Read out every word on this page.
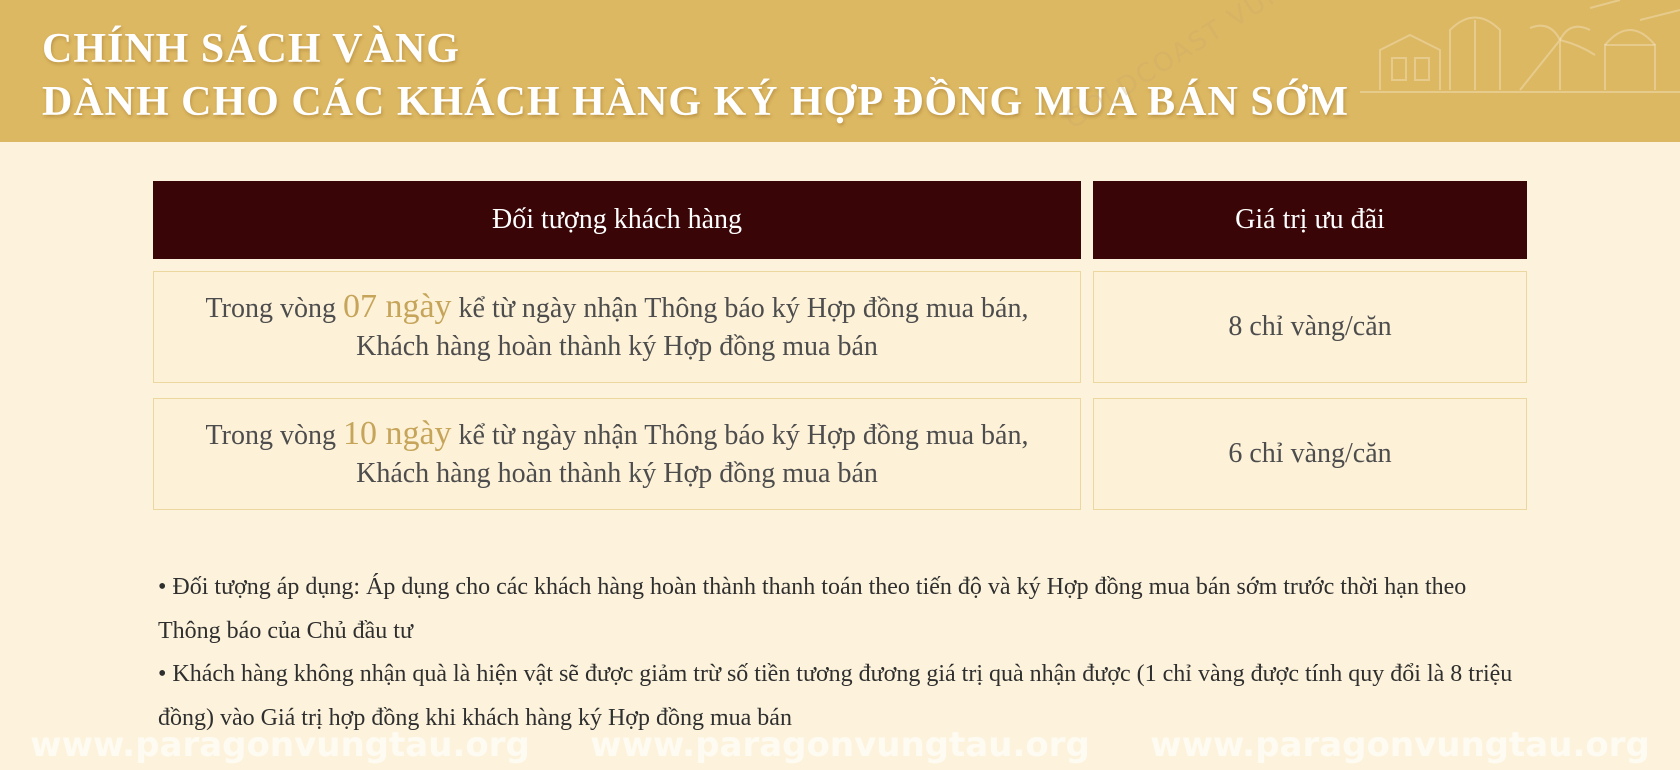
CHÍNH SÁCH VÀNG
DÀNH CHO CÁC KHÁCH HÀNG KÝ HỢP ĐỒNG MUA BÁN SỚM
Đối tượng khách hàng	Giá trị ưu đãi
Trong vòng 07 ngày kể từ ngày nhận Thông báo ký Hợp đồng mua bán,
Khách hàng hoàn thành ký Hợp đồng mua bán
8 chỉ vàng/căn
Trong vòng 10 ngày kể từ ngày nhận Thông báo ký Hợp đồng mua bán,
Khách hàng hoàn thành ký Hợp đồng mua bán
6 chỉ vàng/căn

• Đối tượng áp dụng: Áp dụng cho các khách hàng hoàn thành thanh toán theo tiến độ và ký Hợp đồng mua bán sớm trước thời hạn theo Thông báo của Chủ đầu tư

• Khách hàng không nhận quà là hiện vật sẽ được giảm trừ số tiền tương đương giá trị quà nhận được (1 chỉ vàng được tính quy đổi là 8 triệu đồng) vào Giá trị hợp đồng khi khách hàng ký Hợp đồng mua bán

www.paragonvungtau.org www.paragonvungtau.org www.paragonvungtau.org
